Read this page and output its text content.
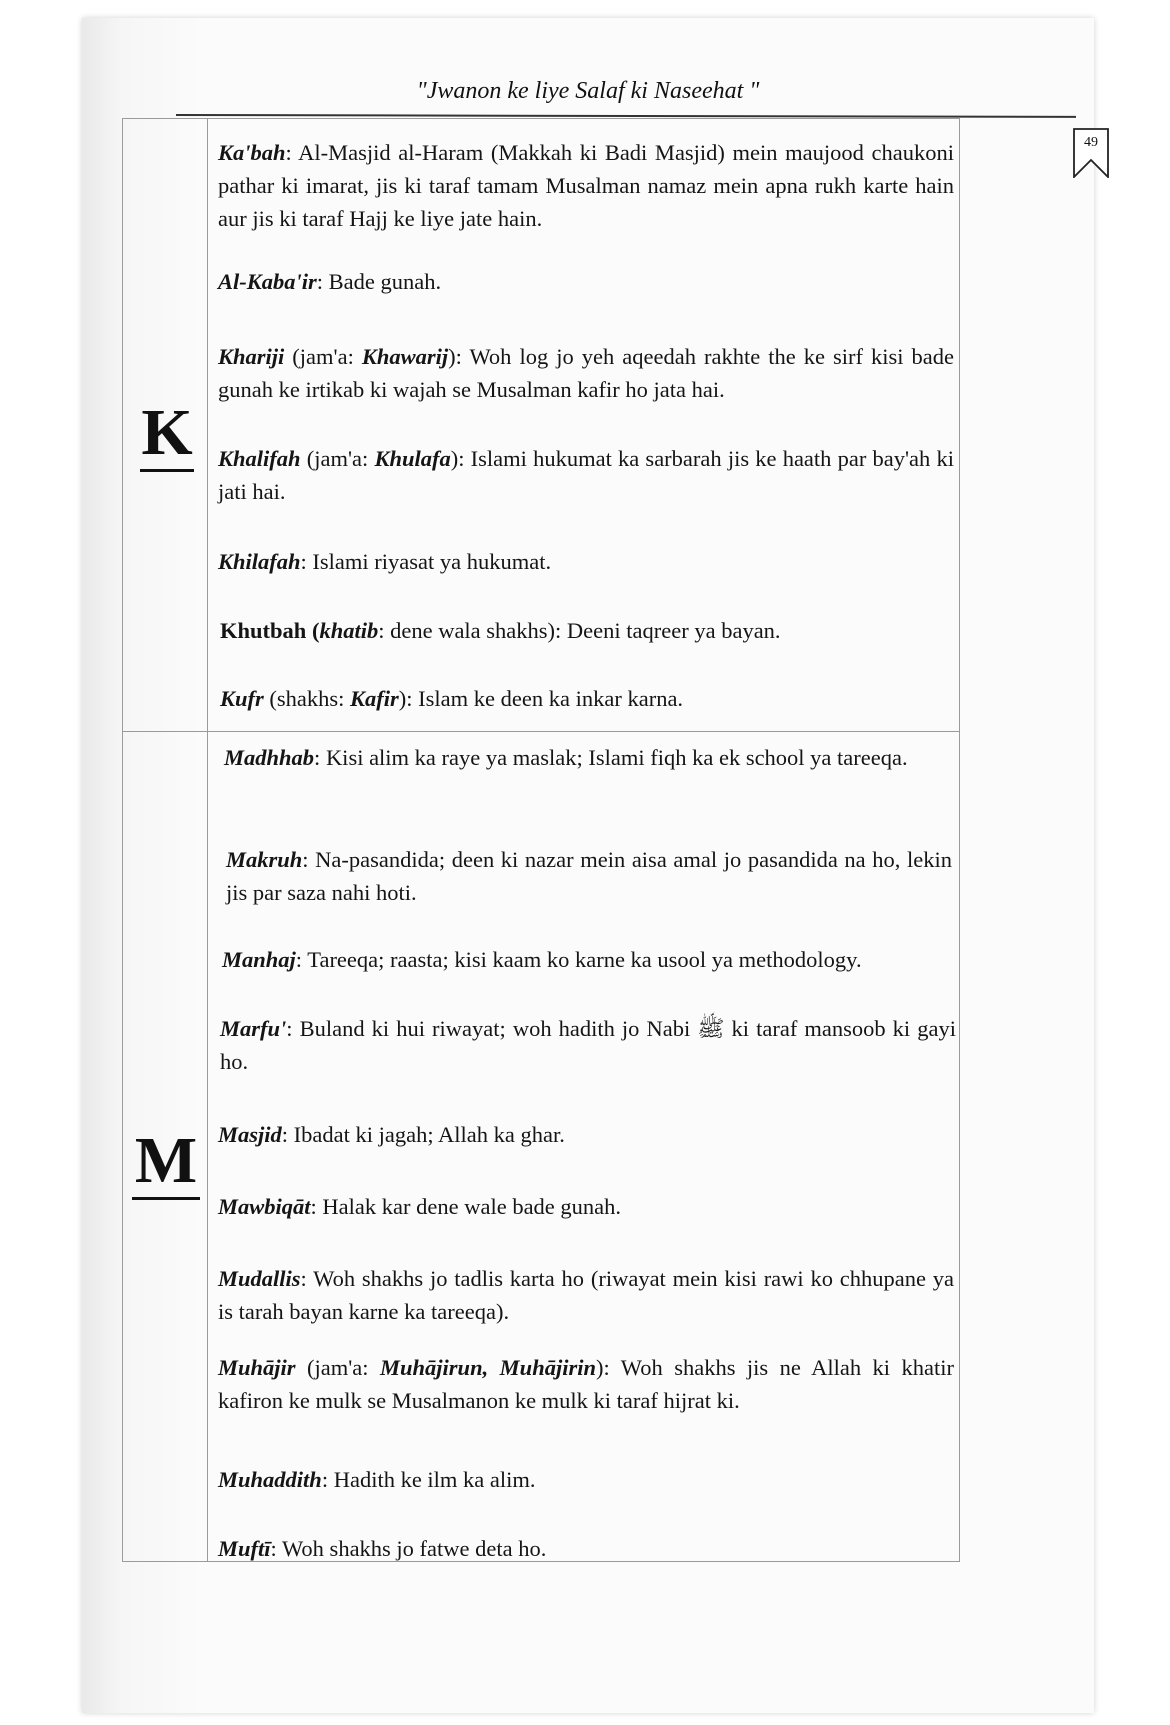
"Jwanon ke liye Salaf ki Naseehat "
49
K
M
Ka'bah: Al-Masjid al-Haram (Makkah ki Badi Masjid) mein maujood chaukoni pathar ki imarat, jis ki taraf tamam Musalman namaz mein apna rukh karte hain aur jis ki taraf Hajj ke liye jate hain.
Al-Kaba'ir: Bade gunah.
Khariji (jam'a: Khawarij): Woh log jo yeh aqeedah rakhte the ke sirf kisi bade gunah ke irtikab ki wajah se Musalman kafir ho jata hai.
Khalifah (jam'a: Khulafa): Islami hukumat ka sarbarah jis ke haath par bay'ah ki jati hai.
Khilafah: Islami riyasat ya hukumat.
Khutbah (khatib: dene wala shakhs): Deeni taqreer ya bayan.
Kufr (shakhs: Kafir): Islam ke deen ka inkar karna.
Madhhab: Kisi alim ka raye ya maslak; Islami fiqh ka ek school ya tareeqa.
Makruh: Na-pasandida; deen ki nazar mein aisa amal jo pasandida na ho, lekin jis par saza nahi hoti.
Manhaj: Tareeqa; raasta; kisi kaam ko karne ka usool ya methodology.
Marfu': Buland ki hui riwayat; woh hadith jo Nabi ﷺ ki taraf mansoob ki gayi ho.
Masjid: Ibadat ki jagah; Allah ka ghar.
Mawbiqāt: Halak kar dene wale bade gunah.
Mudallis: Woh shakhs jo tadlis karta ho (riwayat mein kisi rawi ko chhupane ya is tarah bayan karne ka tareeqa).
Muhājir (jam'a: Muhājirun, Muhājirin): Woh shakhs jis ne Allah ki khatir kafiron ke mulk se Musalmanon ke mulk ki taraf hijrat ki.
Muhaddith: Hadith ke ilm ka alim.
Muftī: Woh shakhs jo fatwe deta ho.
